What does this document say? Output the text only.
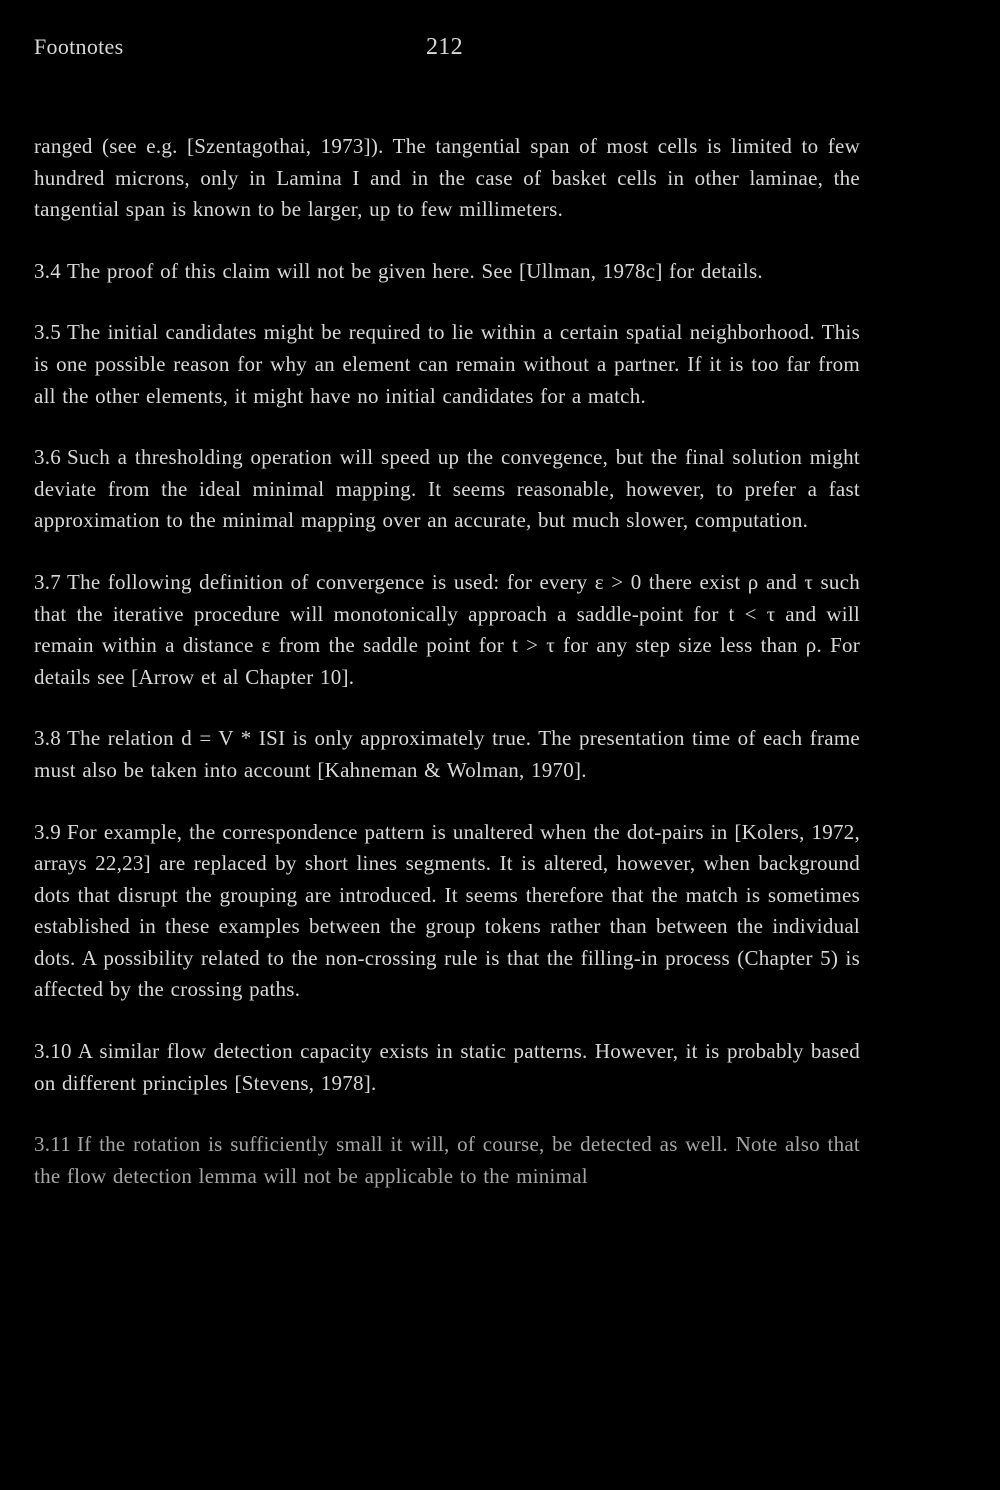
Footnotes	212

ranged (see e.g. [Szentagothai, 1973]). The tangential span of most cells is limited to few hundred microns, only in Lamina I and in the case of basket cells in other laminae, the tangential span is known to be larger, up to few millimeters.

3.4 The proof of this claim will not be given here. See [Ullman, 1978c] for details.

3.5 The initial candidates might be required to lie within a certain spatial neighborhood. This is one possible reason for why an element can remain without a partner. If it is too far from all the other elements, it might have no initial candidates for a match.

3.6 Such a thresholding operation will speed up the convegence, but the final solution might deviate from the ideal minimal mapping. It seems reasonable, however, to prefer a fast approximation to the minimal mapping over an accurate, but much slower, computation.

3.7 The following definition of convergence is used: for every ε > 0 there exist ρ and τ such that the iterative procedure will monotonically approach a saddle-point for t < τ and will remain within a distance ε from the saddle point for t > τ for any step size less than ρ. For details see [Arrow et al Chapter 10].

3.8 The relation d = V * ISI is only approximately true. The presentation time of each frame must also be taken into account [Kahneman & Wolman, 1970].

3.9 For example, the correspondence pattern is unaltered when the dot-pairs in [Kolers, 1972, arrays 22,23] are replaced by short lines segments. It is altered, however, when background dots that disrupt the grouping are introduced. It seems therefore that the match is sometimes established in these examples between the group tokens rather than between the individual dots. A possibility related to the non-crossing rule is that the filling-in process (Chapter 5) is affected by the crossing paths.

3.10 A similar flow detection capacity exists in static patterns. However, it is probably based on different principles [Stevens, 1978].

3.11 If the rotation is sufficiently small it will, of course, be detected as well. Note also that the flow detection lemma will not be applicable to the minimal
